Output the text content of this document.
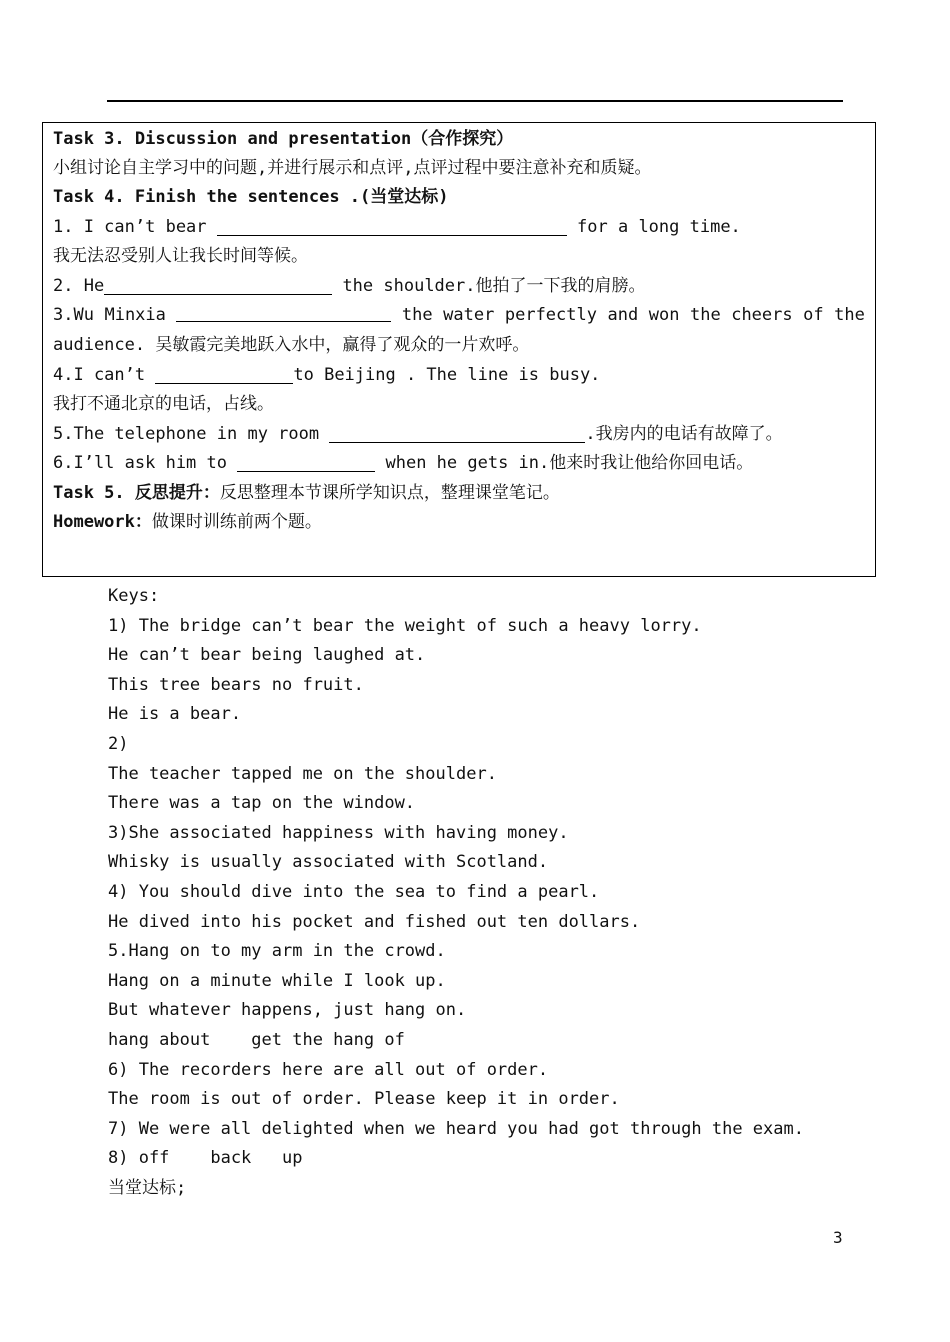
Task 3. Discussion and presentation（合作探究）
小组讨论自主学习中的问题,并进行展示和点评,点评过程中要注意补充和质疑。
Task 4. Finish the sentences .(当堂达标)
1. I can’t bear	for a long time.
我无法忍受别人让我长时间等候。
2. He	the shoulder.他拍了一下我的肩膀。
3.Wu Minxia	the water perfectly and won the cheers of the
audience. 吴敏霞完美地跃入水中，赢得了观众的一片欢呼。
4.I can’t	to Beijing . The line is busy.
我打不通北京的电话，占线。
5.The telephone in my room	.我房内的电话有故障了。
6.I’ll ask him to	when he gets in.他来时我让他给你回电话。
Task 5. 反思提升：反思整理本节课所学知识点，整理课堂笔记。
Homework：做课时训练前两个题。
Keys:
1) The bridge can’t bear the weight of such a heavy lorry.
He can’t bear being laughed at.
This tree bears no fruit.
He is a bear.
2)
The teacher tapped me on the shoulder.
There was a tap on the window.
3)She associated happiness with having money.
Whisky is usually associated with Scotland.
4) You should dive into the sea to find a pearl.
He dived into his pocket and fished out ten dollars.
5.Hang on to my arm in the crowd.
Hang on a minute while I look up.
But whatever happens, just hang on.
hang about    get the hang of
6) The recorders here are all out of order.
The room is out of order. Please keep it in order.
7) We were all delighted when we heard you had got through the exam.
8) off    back   up
当堂达标;
3
